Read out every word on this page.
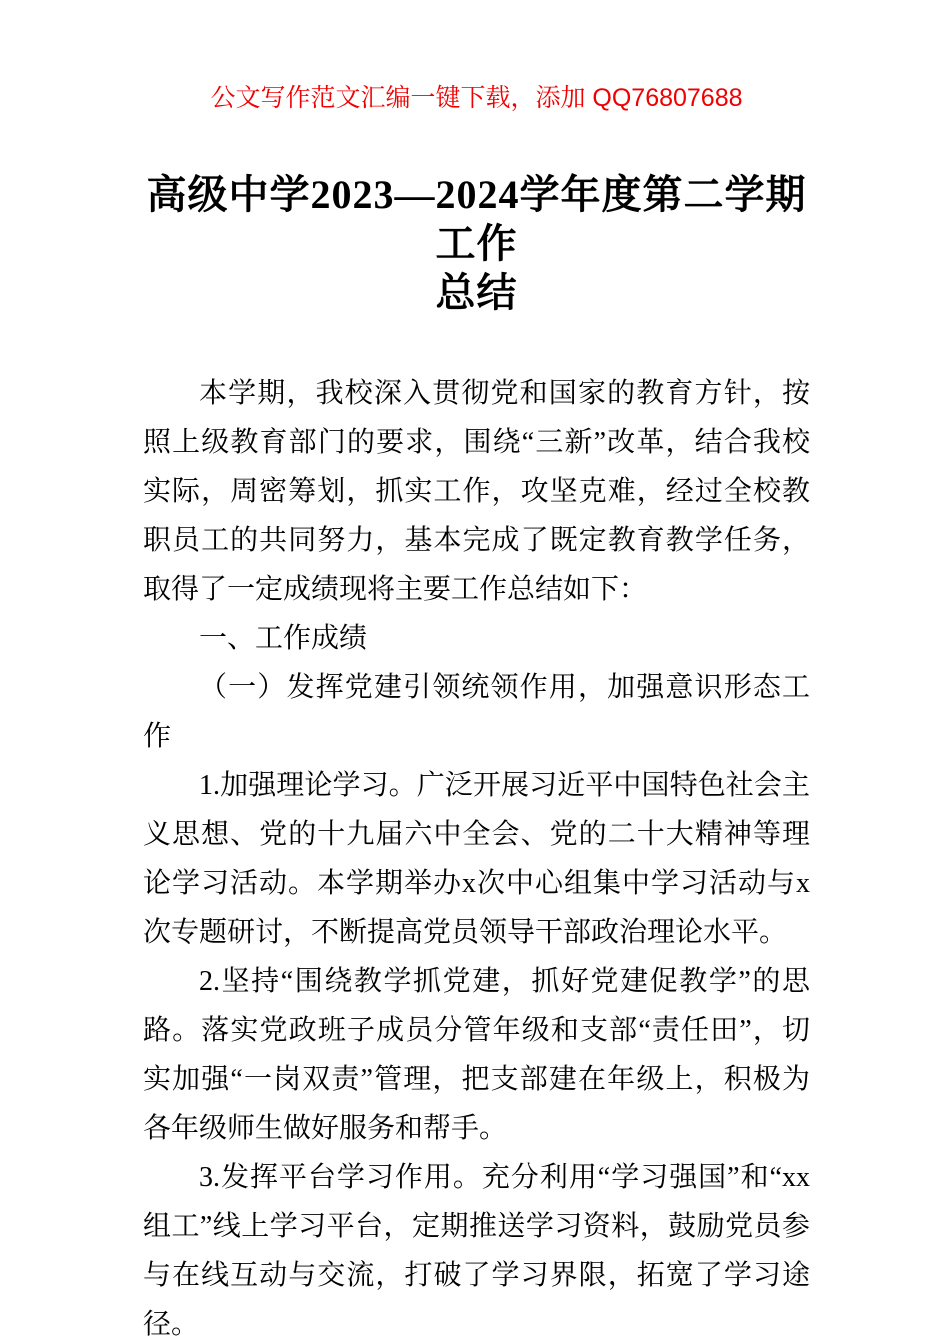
公文写作范文汇编一键下载，添加 QQ76807688
高级中学2023—2024学年度第二学期工作
总结

本学期，我校深入贯彻党和国家的教育方针，按照上级教育部门的要求，围绕“三新”改革，结合我校实际，周密筹划，抓实工作，攻坚克难，经过全校教职员工的共同努力，基本完成了既定教育教学任务，取得了一定成绩现将主要工作总结如下：

一、工作成绩

（一）发挥党建引领统领作用，加强意识形态工作

1.加强理论学习。广泛开展习近平中国特色社会主义思想、党的十九届六中全会、党的二十大精神等理论学习活动。本学期举办x次中心组集中学习活动与x次专题研讨，不断提高党员领导干部政治理论水平。

2.坚持“围绕教学抓党建，抓好党建促教学”的思路。落实党政班子成员分管年级和支部“责任田”，切实加强“一岗双责”管理，把支部建在年级上，积极为各年级师生做好服务和帮手。

3.发挥平台学习作用。充分利用“学习强国”和“xx组工”线上学习平台，定期推送学习资料，鼓励党员参与在线互动与交流，打破了学习界限，拓宽了学习途径。
